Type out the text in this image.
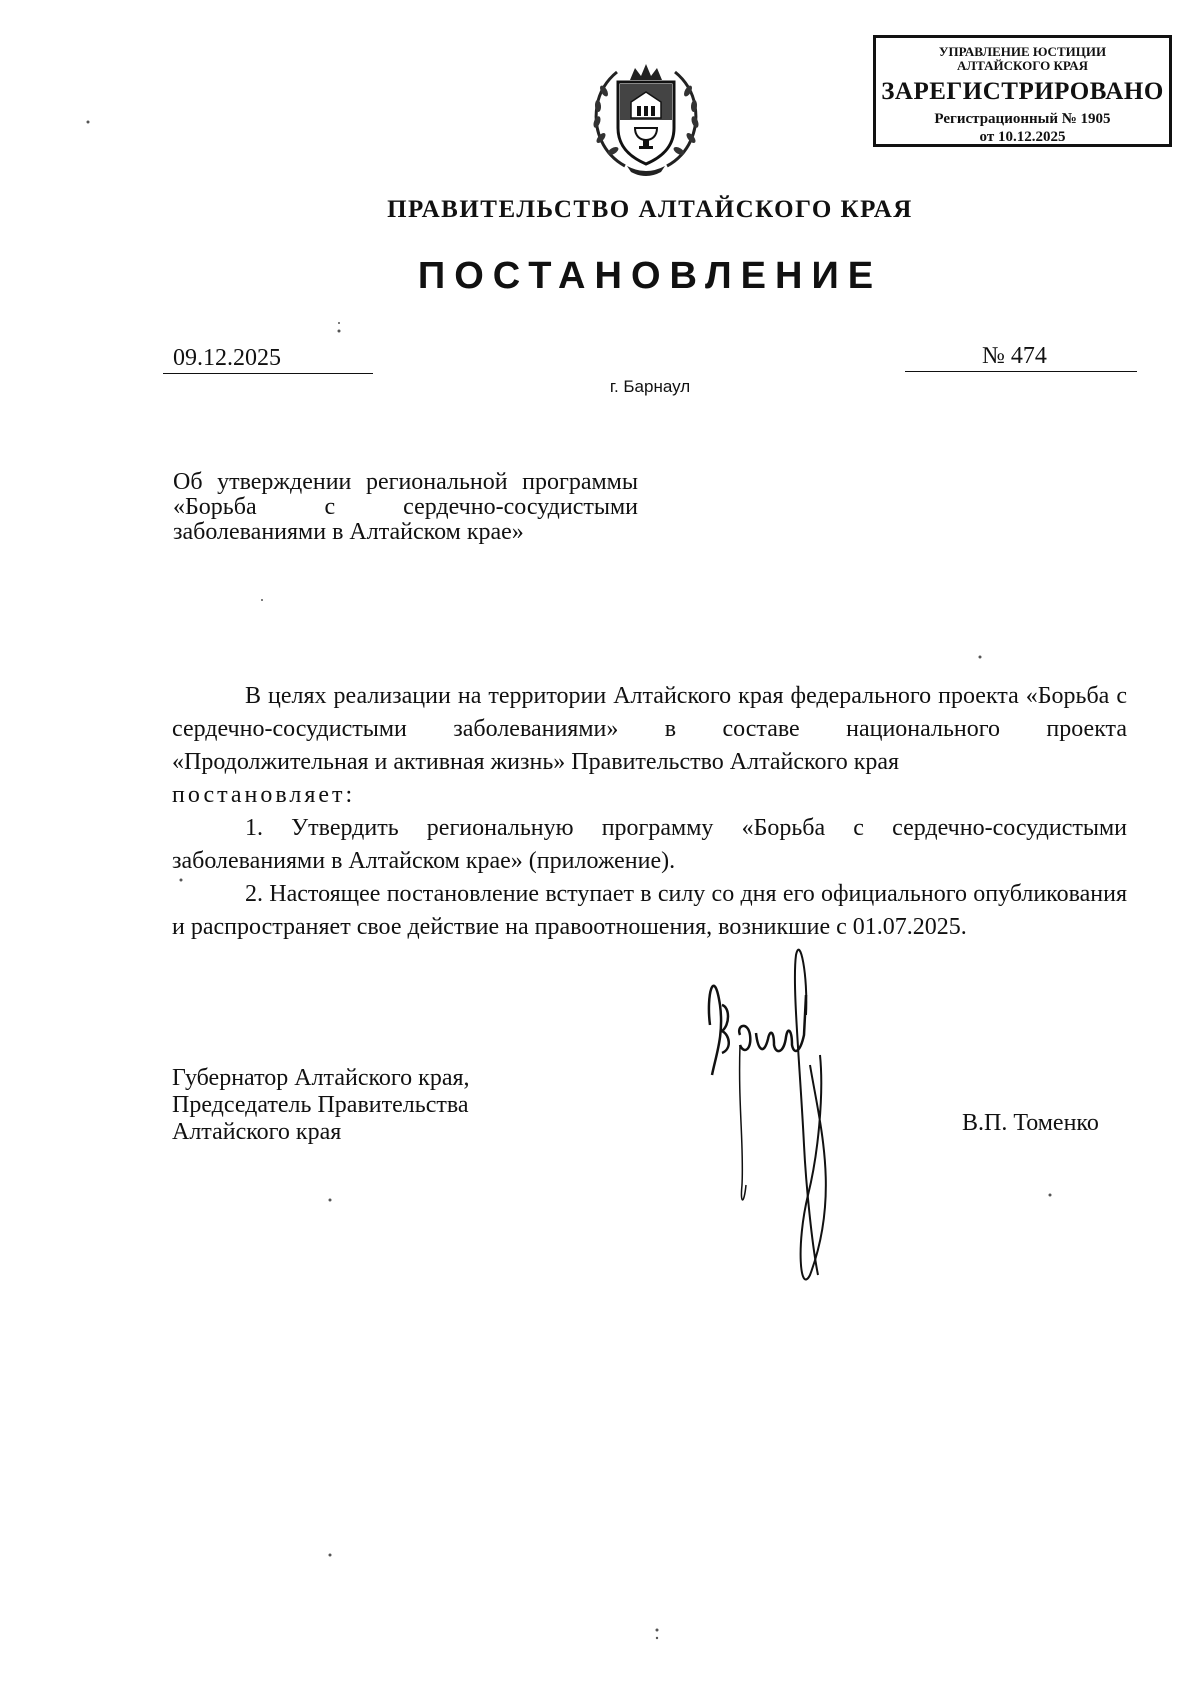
УПРАВЛЕНИЕ ЮСТИЦИИ
АЛТАЙСКОГО КРАЯ
ЗАРЕГИСТРИРОВАНО
Регистрационный № 1905
от 10.12.2025
ПРАВИТЕЛЬСТВО АЛТАЙСКОГО КРАЯ
ПОСТАНОВЛЕНИЕ
09.12.2025	№ 474
г. Барнаул
Об утверждении региональной программы «Борьба с сердечно-сосудистыми заболеваниями в Алтайском крае»

В целях реализации на территории Алтайского края федерального проекта «Борьба с сердечно-сосудистыми заболеваниями» в составе национального проекта «Продолжительная и активная жизнь» Правительство Алтайского края

постановляет:

1. Утвердить региональную программу «Борьба с сердечно-сосудистыми заболеваниями в Алтайском крае» (приложение).

2. Настоящее постановление вступает в силу со дня его официального опубликования и распространяет свое действие на правоотношения, возникшие с 01.07.2025.

Губернатор Алтайского края,
Председатель Правительства
Алтайского края	В.П. Томенко
